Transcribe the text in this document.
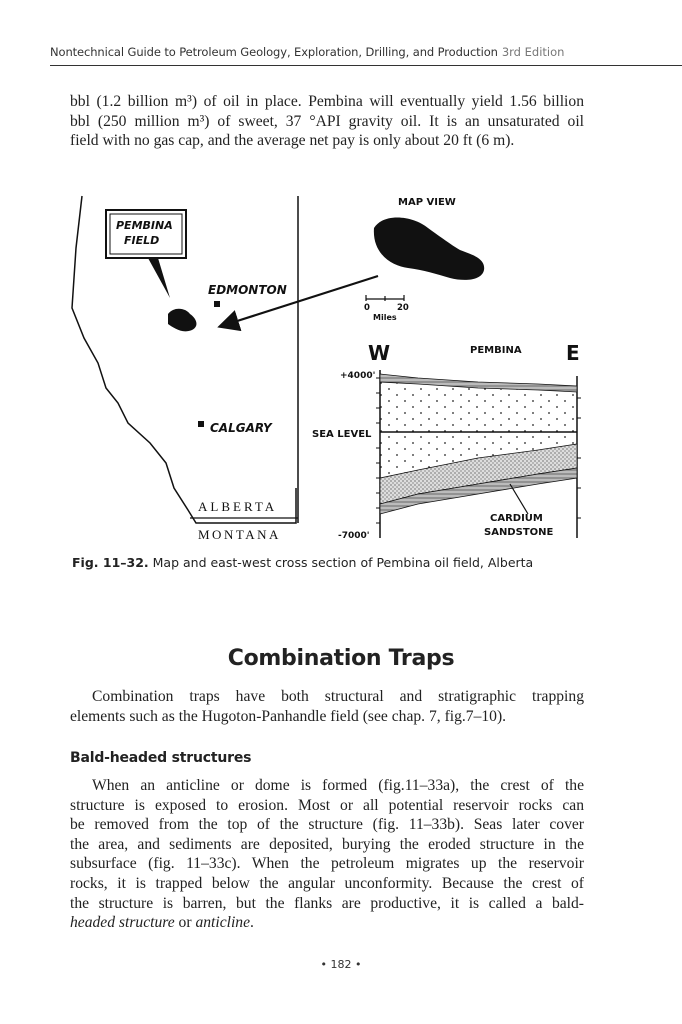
Nontechnical Guide to Petroleum Geology, Exploration, Drilling, and Production 3rd Edition
bbl (1.2 billion m³) of oil in place. Pembina will eventually yield 1.56 billion
bbl (250 million m³) of sweet, 37 °API gravity oil. It is an unsaturated oil
field with no gas cap, and the average net pay is only about 20 ft (6 m).
PEMBINA
FIELD
EDMONTON
CALGARY
ALBERTA
MONTANA
MAP VIEW
0	20
Miles
W	E
PEMBINA
+4000'
SEA LEVEL
-7000'
CARDIUM
SANDSTONE
Fig. 11–32. Map and east-west cross section of Pembina oil field, Alberta
Combination Traps
Combination traps have both structural and stratigraphic trapping
elements such as the Hugoton-Panhandle field (see chap. 7, fig.7–10).
Bald-headed structures
When an anticline or dome is formed (fig.11–33a), the crest of the
structure is exposed to erosion. Most or all potential reservoir rocks can
be removed from the top of the structure (fig. 11–33b). Seas later cover
the area, and sediments are deposited, burying the eroded structure in the
subsurface (fig. 11–33c). When the petroleum migrates up the reservoir
rocks, it is trapped below the angular unconformity. Because the crest of
the structure is barren, but the flanks are productive, it is called a bald-
headed structure or anticline.
• 182 •
